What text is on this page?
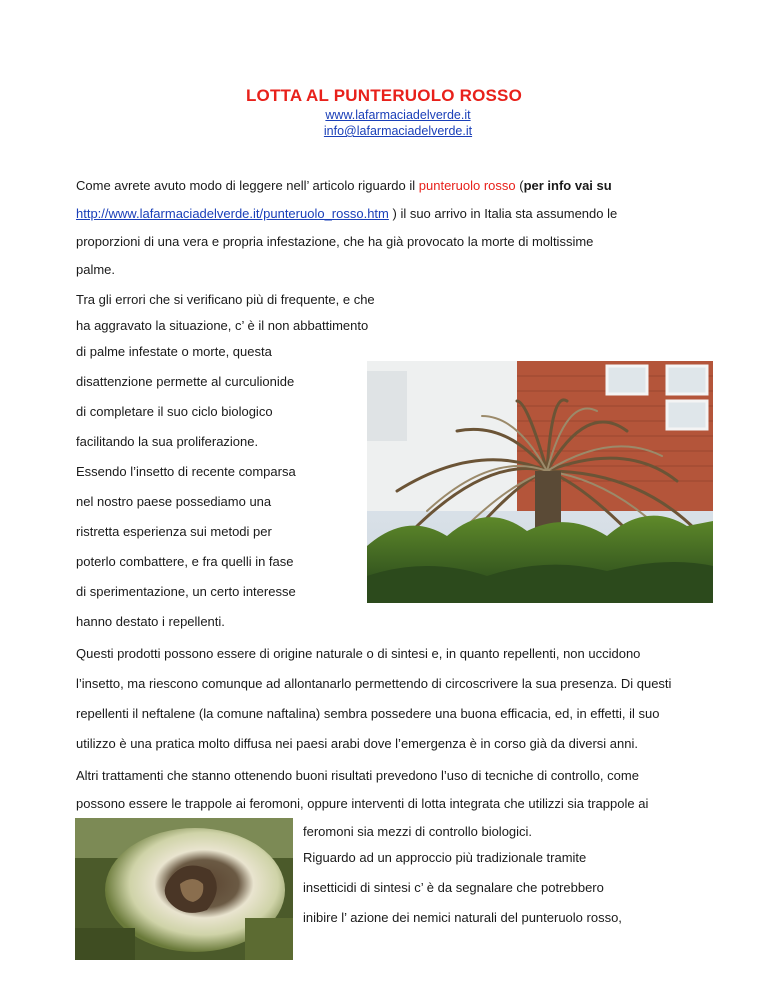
LOTTA AL PUNTERUOLO ROSSO
www.lafarmaciadelverde.it
info@lafarmaciadelverde.it
Come avrete avuto modo di leggere nell’ articolo riguardo il punteruolo rosso (per info vai su
http://www.lafarmaciadelverde.it/punteruolo_rosso.htm ) il suo arrivo in Italia sta assumendo le
proporzioni di una vera e propria infestazione, che ha già provocato la morte di moltissime
palme.
Tra gli errori che si verificano più di frequente, e che
ha aggravato la situazione, c’ è il non abbattimento
di palme infestate o morte, questa
disattenzione permette al curculionide
di completare il suo ciclo biologico
facilitando la sua proliferazione.
Essendo l’insetto di recente comparsa
nel nostro paese possediamo una
ristretta esperienza sui metodi per
poterlo combattere, e fra quelli in fase
di sperimentazione, un certo interesse
hanno destato i repellenti.
Questi prodotti possono essere di origine naturale o di sintesi e, in quanto repellenti, non uccidono
l’insetto, ma riescono comunque ad allontanarlo permettendo di circoscrivere la sua presenza. Di questi
repellenti il neftalene (la comune naftalina) sembra possedere una buona efficacia, ed, in effetti, il suo
utilizzo è una pratica molto diffusa nei paesi arabi dove l’emergenza è in corso già da diversi anni.
Altri trattamenti che stanno ottenendo buoni risultati prevedono l’uso di tecniche di controllo, come
possono essere le trappole ai feromoni, oppure interventi di lotta integrata che utilizzi sia trappole ai
feromoni sia mezzi di controllo biologici.
Riguardo ad un approccio più tradizionale tramite
insetticidi di sintesi c’ è da segnalare che potrebbero
inibire l’ azione dei nemici naturali del punteruolo rosso,
